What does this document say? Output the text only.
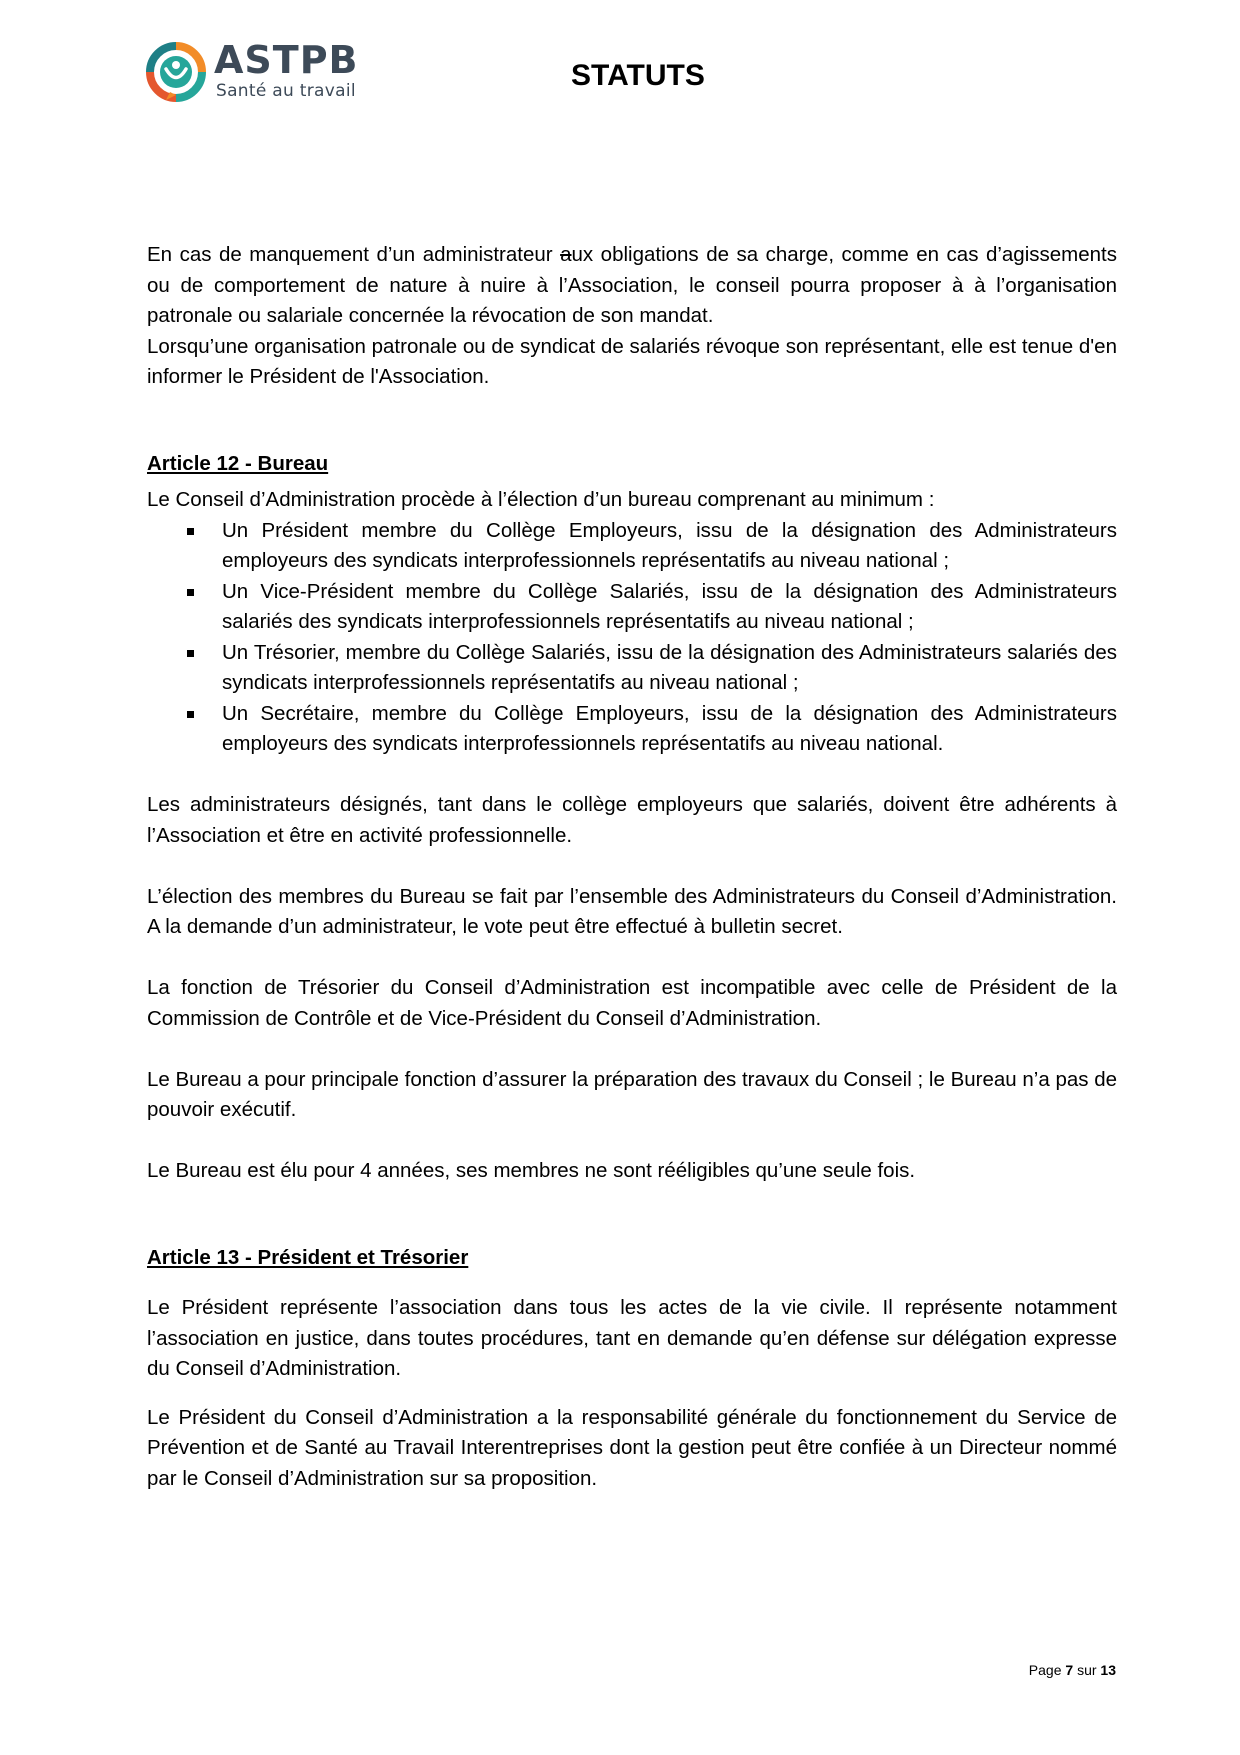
ASTPB
Santé au travail	STATUTS

En cas de manquement d’un administrateur aux obligations de sa charge, comme en cas d’agissements ou de comportement de nature à nuire à l’Association, le conseil pourra proposer à à l’organisation patronale ou salariale concernée la révocation de son mandat.

Lorsqu’une organisation patronale ou de syndicat de salariés révoque son représentant, elle est tenue d'en informer le Président de l'Association.

Article 12 - Bureau

Le Conseil d’Administration procède à l’élection d’un bureau comprenant au minimum :

Un Président membre du Collège Employeurs, issu de la désignation des Administrateurs employeurs des syndicats interprofessionnels représentatifs au niveau national ;
Un Vice-Président membre du Collège Salariés, issu de la désignation des Administrateurs salariés des syndicats interprofessionnels représentatifs au niveau national ;
Un Trésorier, membre du Collège Salariés, issu de la désignation des Administrateurs salariés des syndicats interprofessionnels représentatifs au niveau national ;
Un Secrétaire, membre du Collège Employeurs, issu de la désignation des Administrateurs employeurs des syndicats interprofessionnels représentatifs au niveau national.

Les administrateurs désignés, tant dans le collège employeurs que salariés, doivent être adhérents à l’Association et être en activité professionnelle.

L’élection des membres du Bureau se fait par l’ensemble des Administrateurs du Conseil d’Administration. A la demande d’un administrateur, le vote peut être effectué à bulletin secret.

La fonction de Trésorier du Conseil d’Administration est incompatible avec celle de Président de la Commission de Contrôle et de Vice-Président du Conseil d’Administration.

Le Bureau a pour principale fonction d’assurer la préparation des travaux du Conseil ; le Bureau n’a pas de pouvoir exécutif.

Le Bureau est élu pour 4 années, ses membres ne sont rééligibles qu’une seule fois.

Article 13 - Président et Trésorier

Le Président représente l’association dans tous les actes de la vie civile. Il représente notamment l’association en justice, dans toutes procédures, tant en demande qu’en défense sur délégation expresse du Conseil d’Administration.

Le Président du Conseil d’Administration a la responsabilité générale du fonctionnement du Service de Prévention et de Santé au Travail Interentreprises dont la gestion peut être confiée à un Directeur nommé par le Conseil d’Administration sur sa proposition.

Page 7 sur 13
